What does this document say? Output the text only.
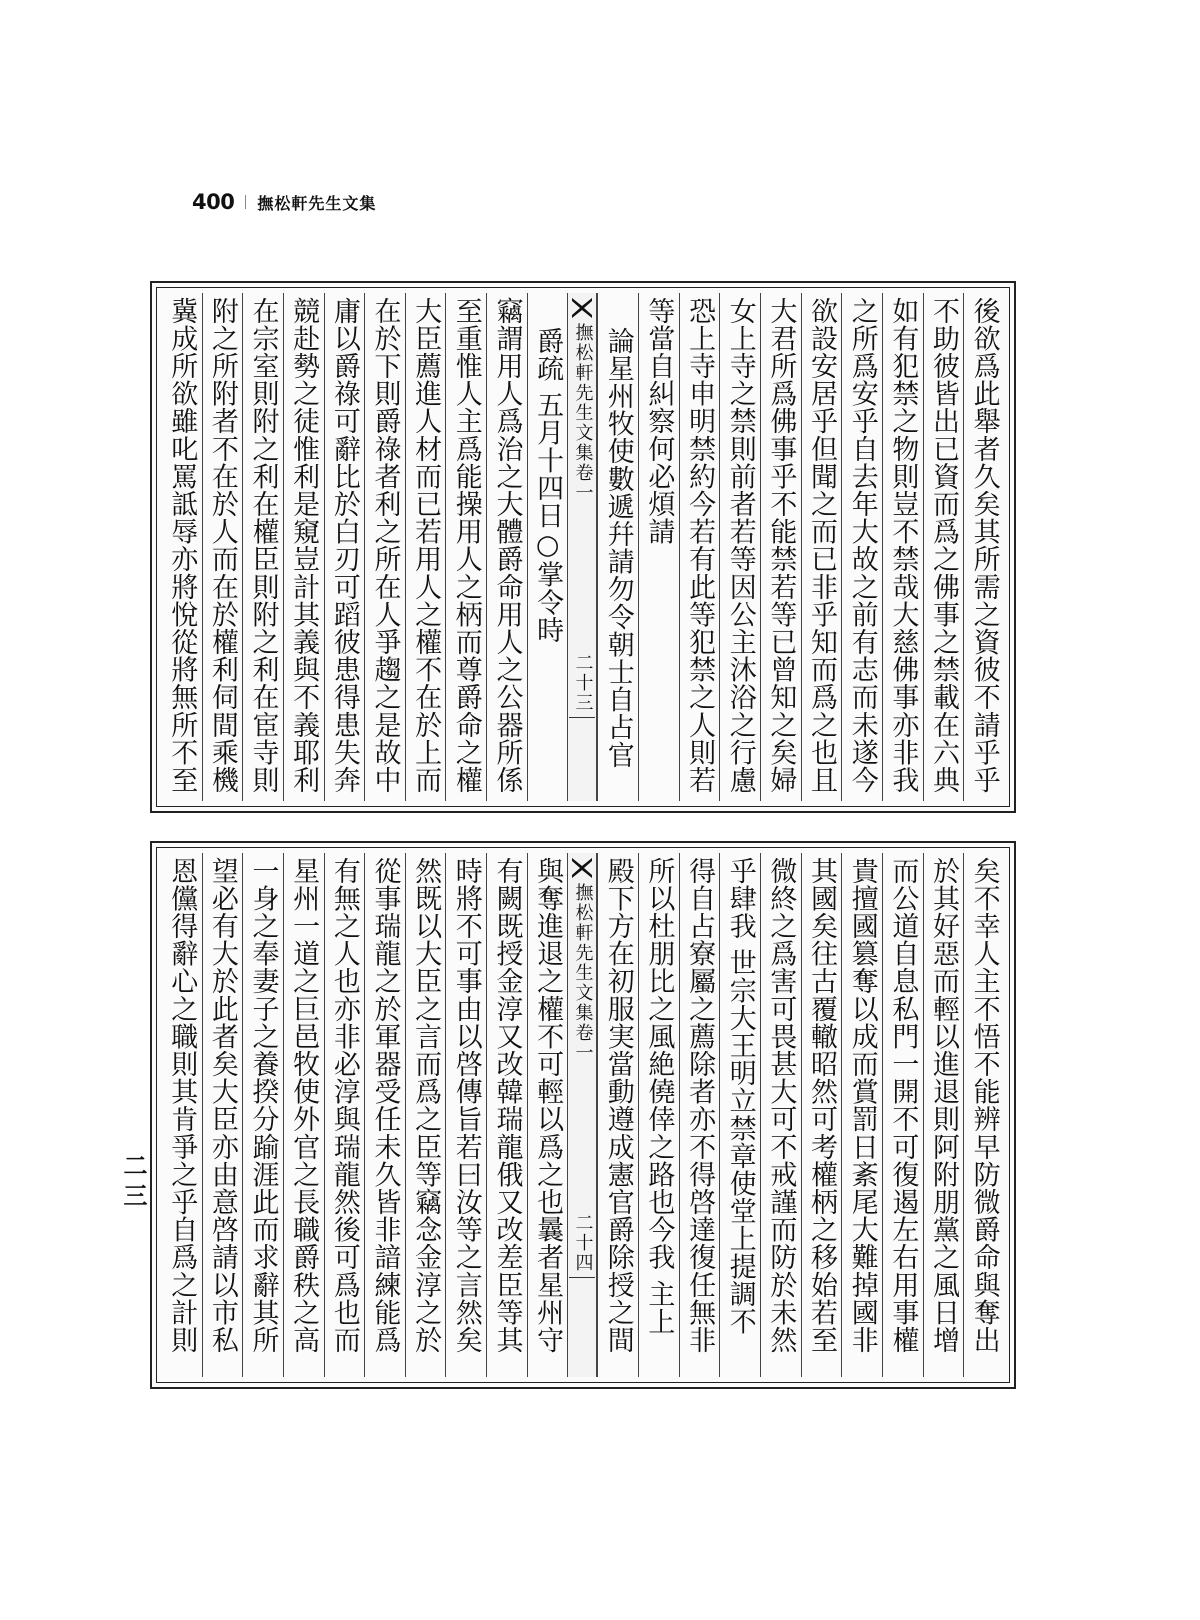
400 撫松軒先生文集
後欲爲此舉者久矣其所需之資彼不請乎乎
不助彼皆出已資而爲之佛事之禁載在六典
如有犯禁之物則豈不禁哉大慈佛事亦非我
之所爲安乎自去年大故之前有志而未遂今
欲設安居乎但聞之而已非乎知而爲之也且
大君所爲佛事乎不能禁若等已曾知之矣婦
女上寺之禁則前者若等因公主沐浴之行慮
恐上寺申明禁約今若有此等犯禁之人則若
等當自糾察何必煩請
論星州牧使數遞幷請勿令朝士自占官
撫松軒先生文集卷一
二十三
爵疏 五月十四日○掌令時
竊謂用人爲治之大體爵命用人之公器所係
至重惟人主爲能操用人之柄而尊爵命之權
大臣薦進人材而已若用人之權不在於上而
在於下則爵祿者利之所在人爭趨之是故中
庸以爵祿可辭比於白刃可蹈彼患得患失奔
競赴勢之徒惟利是窺豈計其義與不義耶利
在宗室則附之利在權臣則附之利在宦寺則
附之所附者不在於人而在於權利伺間乘機
冀成所欲雖叱罵詆辱亦將悅從將無所不至
矣不幸人主不悟不能辨早防微爵命與奪出
於其好惡而輕以進退則阿附朋黨之風日增
而公道自息私門一開不可復遏左右用事權
貴擅國篡奪以成而賞罰日紊尾大難掉國非
其國矣往古覆轍昭然可考權柄之移始若至
微終之爲害可畏甚大可不戒謹而防於未然
乎肆我 世宗大王明立禁章使堂上提調不
得自占寮屬之薦除者亦不得啓達復任無非
所以杜朋比之風絶僥倖之路也今我 主上
殿下方在初服実當動遵成憲官爵除授之間
撫松軒先生文集卷一
二十四
與奪進退之權不可輕以爲之也曩者星州守
有闕既授金淳又改韓瑞龍俄又改差臣等其
時將不可事由以啓傳旨若曰汝等之言然矣
然既以大臣之言而爲之臣等竊念金淳之於
從事瑞龍之於軍器受任未久皆非諳練能爲
有無之人也亦非必淳與瑞龍然後可爲也而
星州一道之巨邑牧使外官之長職爵秩之高
一身之奉妻子之養揆分踰涯此而求辭其所
望必有大於此者矣大臣亦由意啓請以市私
恩儻得辭心之職則其肯爭之乎自爲之計則
二三
